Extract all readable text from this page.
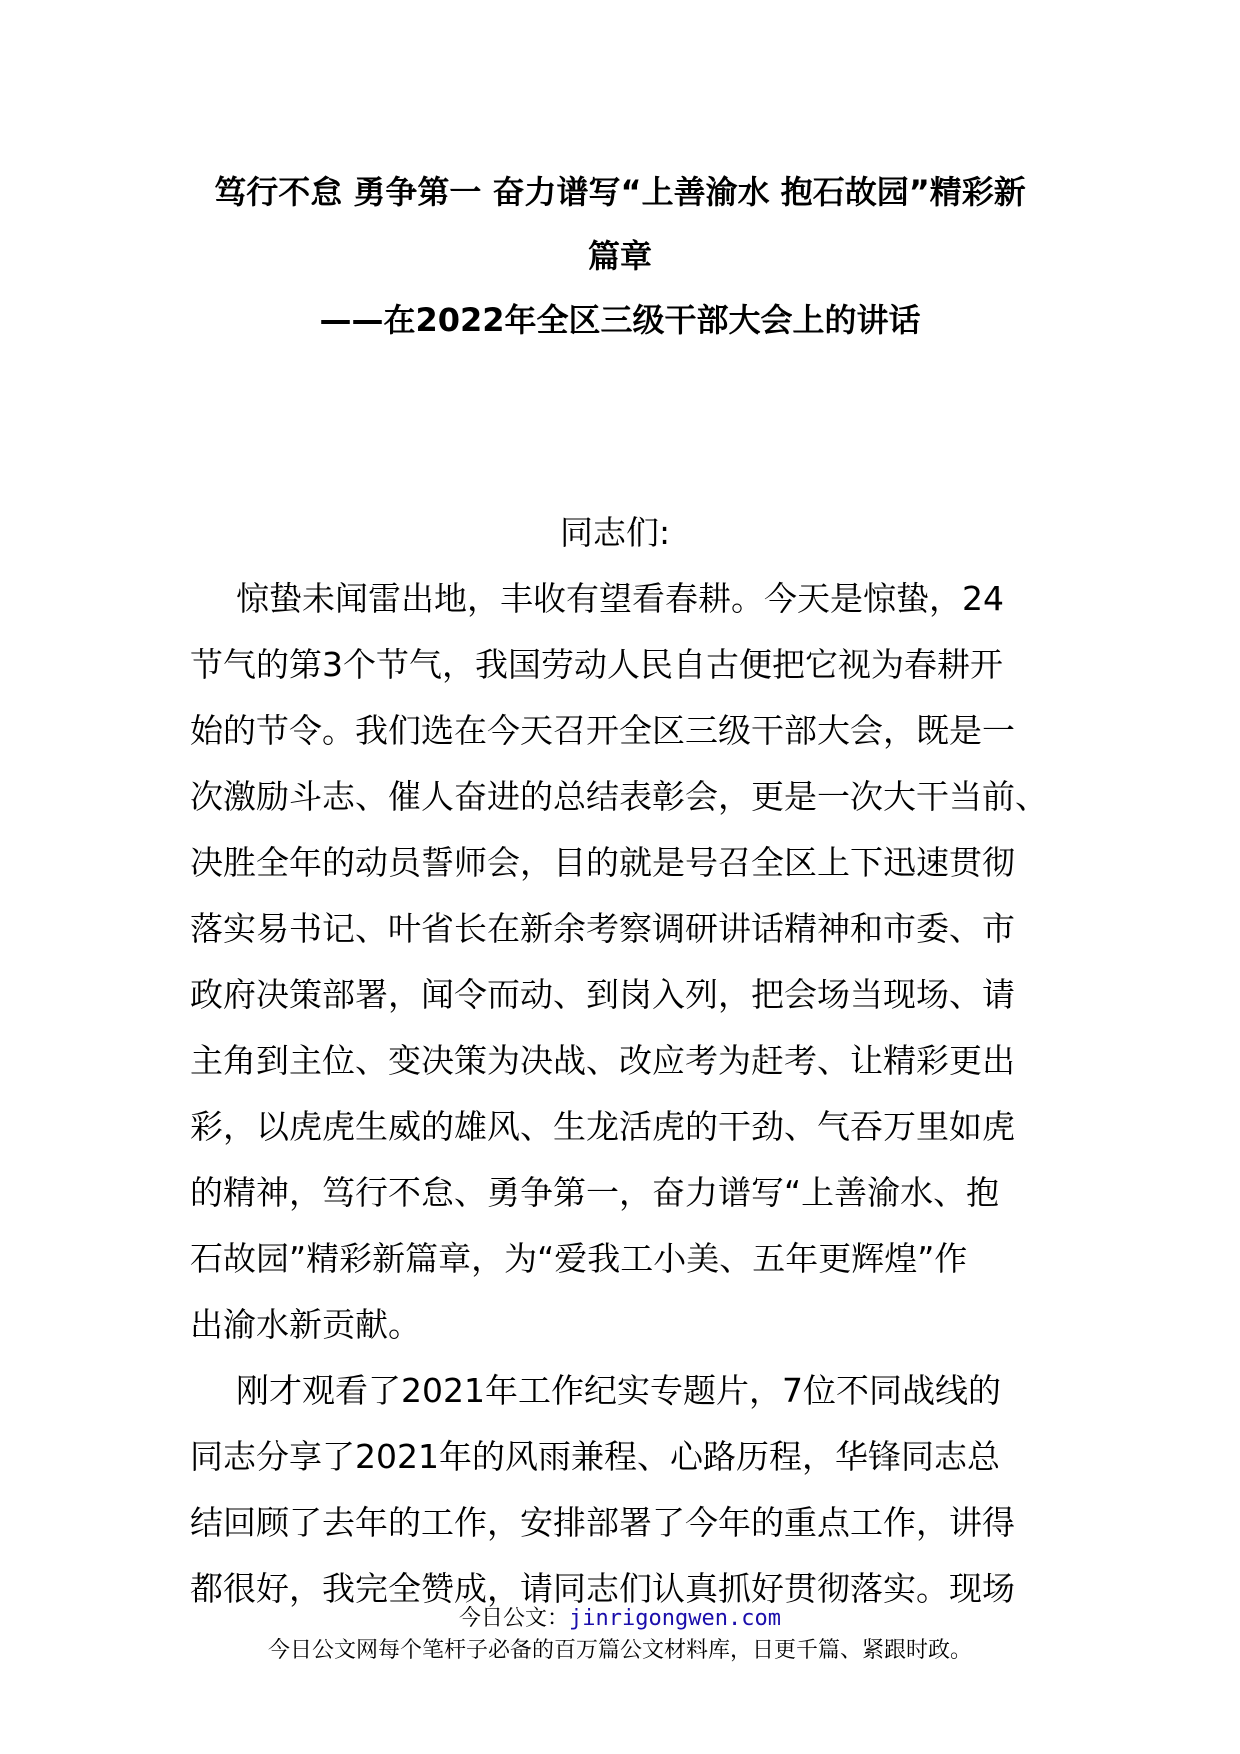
笃行不怠 勇争第一 奋力谱写“上善渝水 抱石故园”精彩新
篇章
——在2022年全区三级干部大会上的讲话
同志们:

惊蛰未闻雷出地，丰收有望看春耕。今天是惊蛰，24
节气的第3个节气，我国劳动人民自古便把它视为春耕开
始的节令。我们选在今天召开全区三级干部大会，既是一
次激励斗志、催人奋进的总结表彰会，更是一次大干当前、
决胜全年的动员誓师会，目的就是号召全区上下迅速贯彻
落实易书记、叶省长在新余考察调研讲话精神和市委、市
政府决策部署，闻令而动、到岗入列，把会场当现场、请
主角到主位、变决策为决战、改应考为赶考、让精彩更出
彩，以虎虎生威的雄风、生龙活虎的干劲、气吞万里如虎
的精神，笃行不怠、勇争第一，奋力谱写“上善渝水、抱
石故园”精彩新篇章，为“爱我工小美、五年更辉煌”作
出渝水新贡献。

刚才观看了2021年工作纪实专题片，7位不同战线的
同志分享了2021年的风雨兼程、心路历程，华锋同志总
结回顾了去年的工作，安排部署了今年的重点工作，讲得
都很好，我完全赞成，请同志们认真抓好贯彻落实。现场

今日公文：jinrigongwen.com
今日公文网每个笔杆子必备的百万篇公文材料库，日更千篇、紧跟时政。
